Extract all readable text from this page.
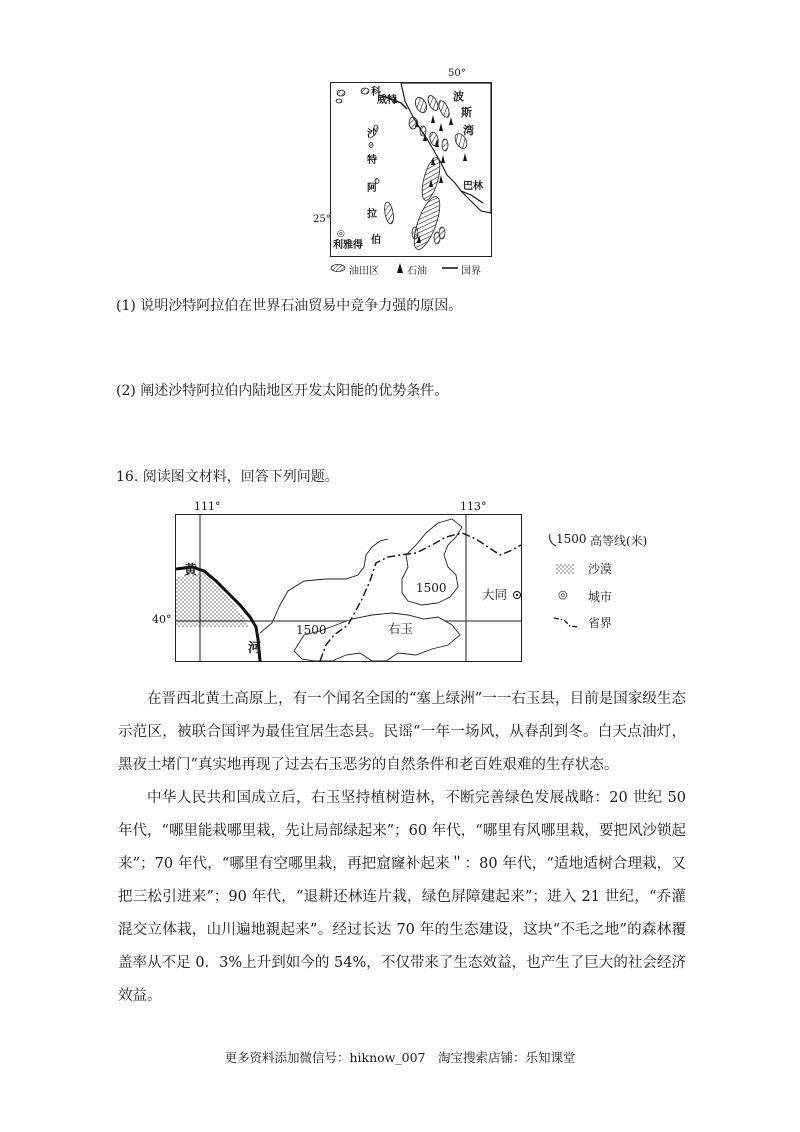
50°
25°
科
威特	波
斯
湾
沙
特
阿
拉
伯
巴林
◎
利雅得
油田区	石油	国界
(1) 说明沙特阿拉伯在世界石油贸易中竞争力强的原因。
(2) 阐述沙特阿拉伯内陆地区开发太阳能的优势条件。
16. 阅读图文材料，回答下列问题。
111°	113°
40°
黄
河
1500
1500	右玉
大同
1500 高等线(米)
沙漠
◎ 城市
省界
在晋西北黄土高原上，有一个闻名全国的“塞上绿洲”一一右玉县，目前是国家级生态示范区，被联合国评为最佳宜居生态县。民谣“一年一场风，从春刮到冬。白天点油灯，黑夜土堵门”真实地再现了过去右玉恶劣的自然条件和老百姓艰难的生存状态。
中华人民共和国成立后，右玉坚持植树造林，不断完善绿色发展战略：20 世纪 50 年代，“哪里能栽哪里栽，先让局部绿起来”；60 年代，“哪里有风哪里栽，要把风沙锁起来”；70 年代，“哪里有空哪里栽，再把窟窿补起来＂：80 年代，“适地适树合理栽，又把三松引进来”；90 年代，“退耕还林连片栽，绿色屏障建起来”；进入 21 世纪，“乔灌混交立体栽，山川遍地親起来”。经过长达 70 年的生态建设，这块“不毛之地”的森林覆盖率从不足 0．3%上升到如今的 54%，不仅带来了生态效益，也产生了巨大的社会经济效益。
更多资料添加微信号：hiknow_007　淘宝搜索店铺：乐知课堂
